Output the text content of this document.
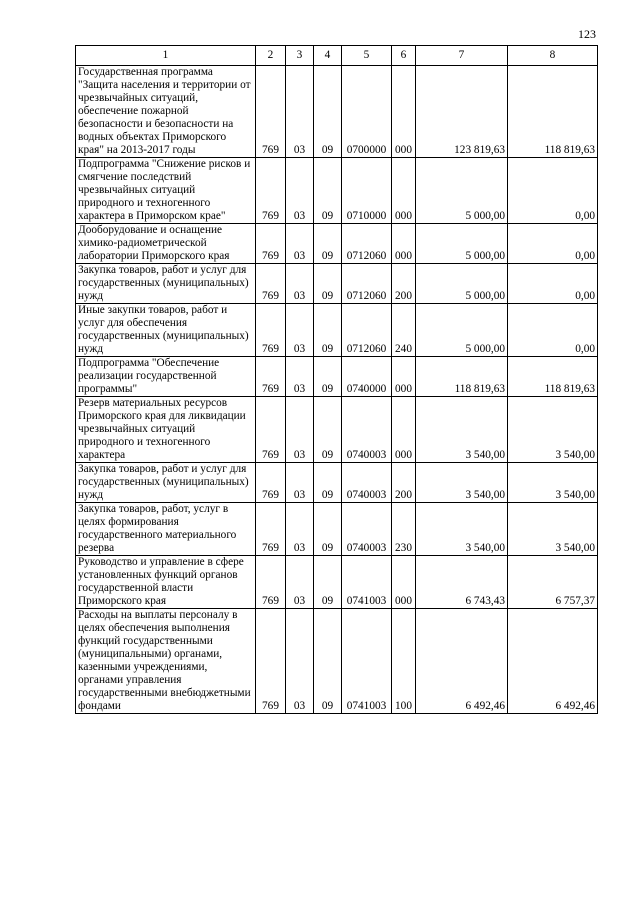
123
1	2	3	4	5	6	7	8
Государственная программа "Защита населения и территории от чрезвычайных ситуаций, обеспечение пожарной безопасности и безопасности на водных объектах Приморского края" на 2013-2017 годы	769	03	09	0700000	000	123 819,63	118 819,63
Подпрограмма "Снижение рисков и смягчение последствий чрезвычайных ситуаций природного и техногенного характера в Приморском крае"	769	03	09	0710000	000	5 000,00	0,00
Дооборудование и оснащение химико-радиометрической лаборатории Приморского края	769	03	09	0712060	000	5 000,00	0,00
Закупка товаров, работ и услуг для государственных (муниципальных) нужд	769	03	09	0712060	200	5 000,00	0,00
Иные закупки товаров, работ и услуг для обеспечения государственных (муниципальных) нужд	769	03	09	0712060	240	5 000,00	0,00
Подпрограмма "Обеспечение реализации государственной программы"	769	03	09	0740000	000	118 819,63	118 819,63
Резерв материальных ресурсов Приморского края для ликвидации чрезвычайных ситуаций природного и техногенного характера	769	03	09	0740003	000	3 540,00	3 540,00
Закупка товаров, работ и услуг для государственных (муниципальных) нужд	769	03	09	0740003	200	3 540,00	3 540,00
Закупка товаров, работ, услуг в целях формирования государственного материального резерва	769	03	09	0740003	230	3 540,00	3 540,00
Руководство и управление в сфере установленных функций органов государственной власти Приморского края	769	03	09	0741003	000	6 743,43	6 757,37
Расходы на выплаты персоналу в целях обеспечения выполнения функций государственными (муниципальными) органами, казенными учреждениями, органами управления государственными внебюджетными фондами	769	03	09	0741003	100	6 492,46	6 492,46
